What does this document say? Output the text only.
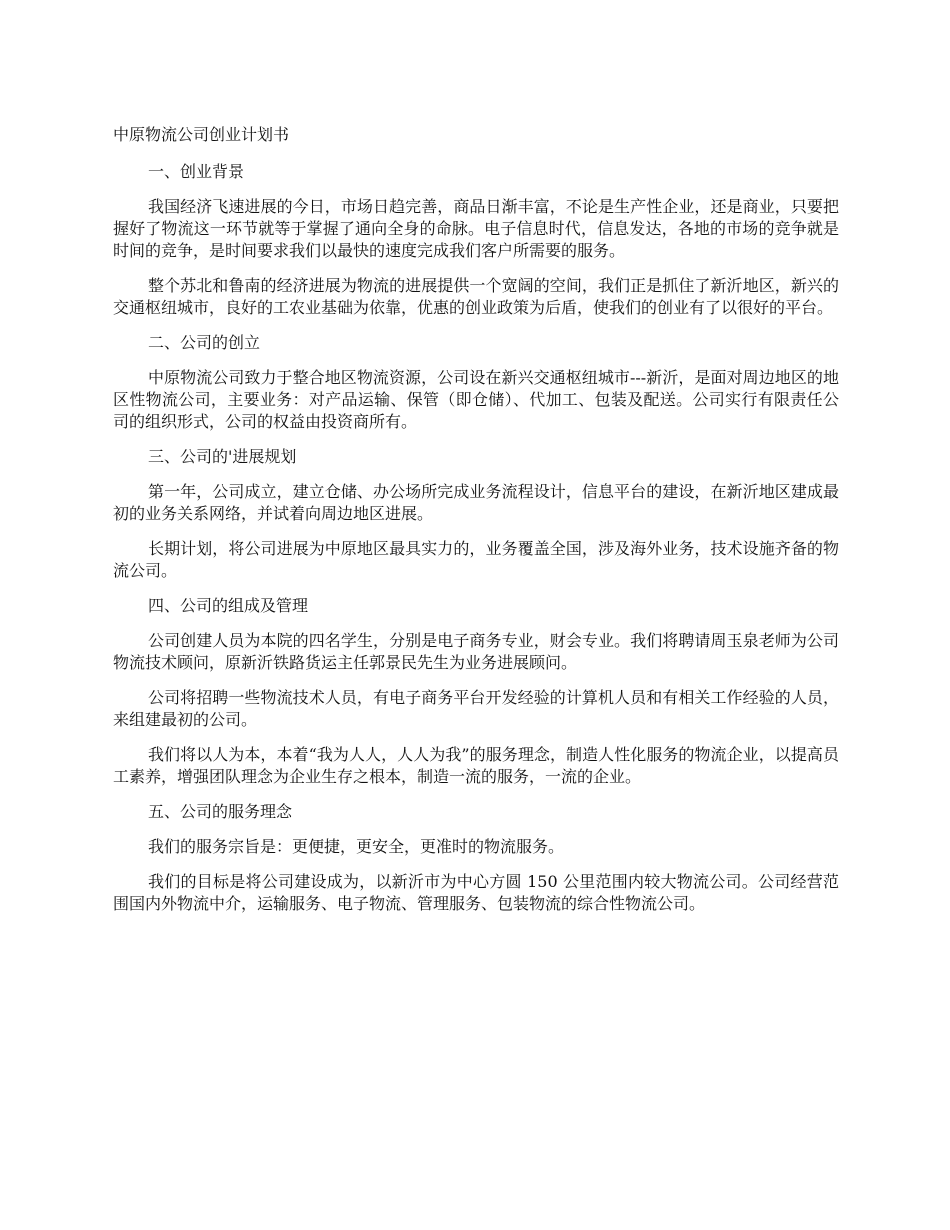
中原物流公司创业计划书
一、创业背景
我国经济飞速进展的今日，市场日趋完善，商品日渐丰富，不论是生产性企业，还是商业，只要把握好了物流这一环节就等于掌握了通向全身的命脉。电子信息时代，信息发达，各地的市场的竞争就是时间的竞争，是时间要求我们以最快的速度完成我们客户所需要的服务。
整个苏北和鲁南的经济进展为物流的进展提供一个宽阔的空间，我们正是抓住了新沂地区，新兴的交通枢纽城市，良好的工农业基础为依靠，优惠的创业政策为后盾，使我们的创业有了以很好的平台。
二、公司的创立
中原物流公司致力于整合地区物流资源，公司设在新兴交通枢纽城市---新沂，是面对周边地区的地区性物流公司，主要业务：对产品运输、保管（即仓储）、代加工、包装及配送。公司实行有限责任公司的组织形式，公司的权益由投资商所有。
三、公司的'进展规划
第一年，公司成立，建立仓储、办公场所完成业务流程设计，信息平台的建设，在新沂地区建成最初的业务关系网络，并试着向周边地区进展。
长期计划，将公司进展为中原地区最具实力的，业务覆盖全国，涉及海外业务，技术设施齐备的物流公司。
四、公司的组成及管理
公司创建人员为本院的四名学生，分别是电子商务专业，财会专业。我们将聘请周玉泉老师为公司物流技术顾问，原新沂铁路货运主任郭景民先生为业务进展顾问。
公司将招聘一些物流技术人员，有电子商务平台开发经验的计算机人员和有相关工作经验的人员，来组建最初的公司。
我们将以人为本，本着“我为人人，人人为我”的服务理念，制造人性化服务的物流企业，以提高员工素养，增强团队理念为企业生存之根本，制造一流的服务，一流的企业。
五、公司的服务理念
我们的服务宗旨是：更便捷，更安全，更准时的物流服务。
我们的目标是将公司建设成为，以新沂市为中心方圆 150 公里范围内较大物流公司。公司经营范围国内外物流中介，运输服务、电子物流、管理服务、包装物流的综合性物流公司。
